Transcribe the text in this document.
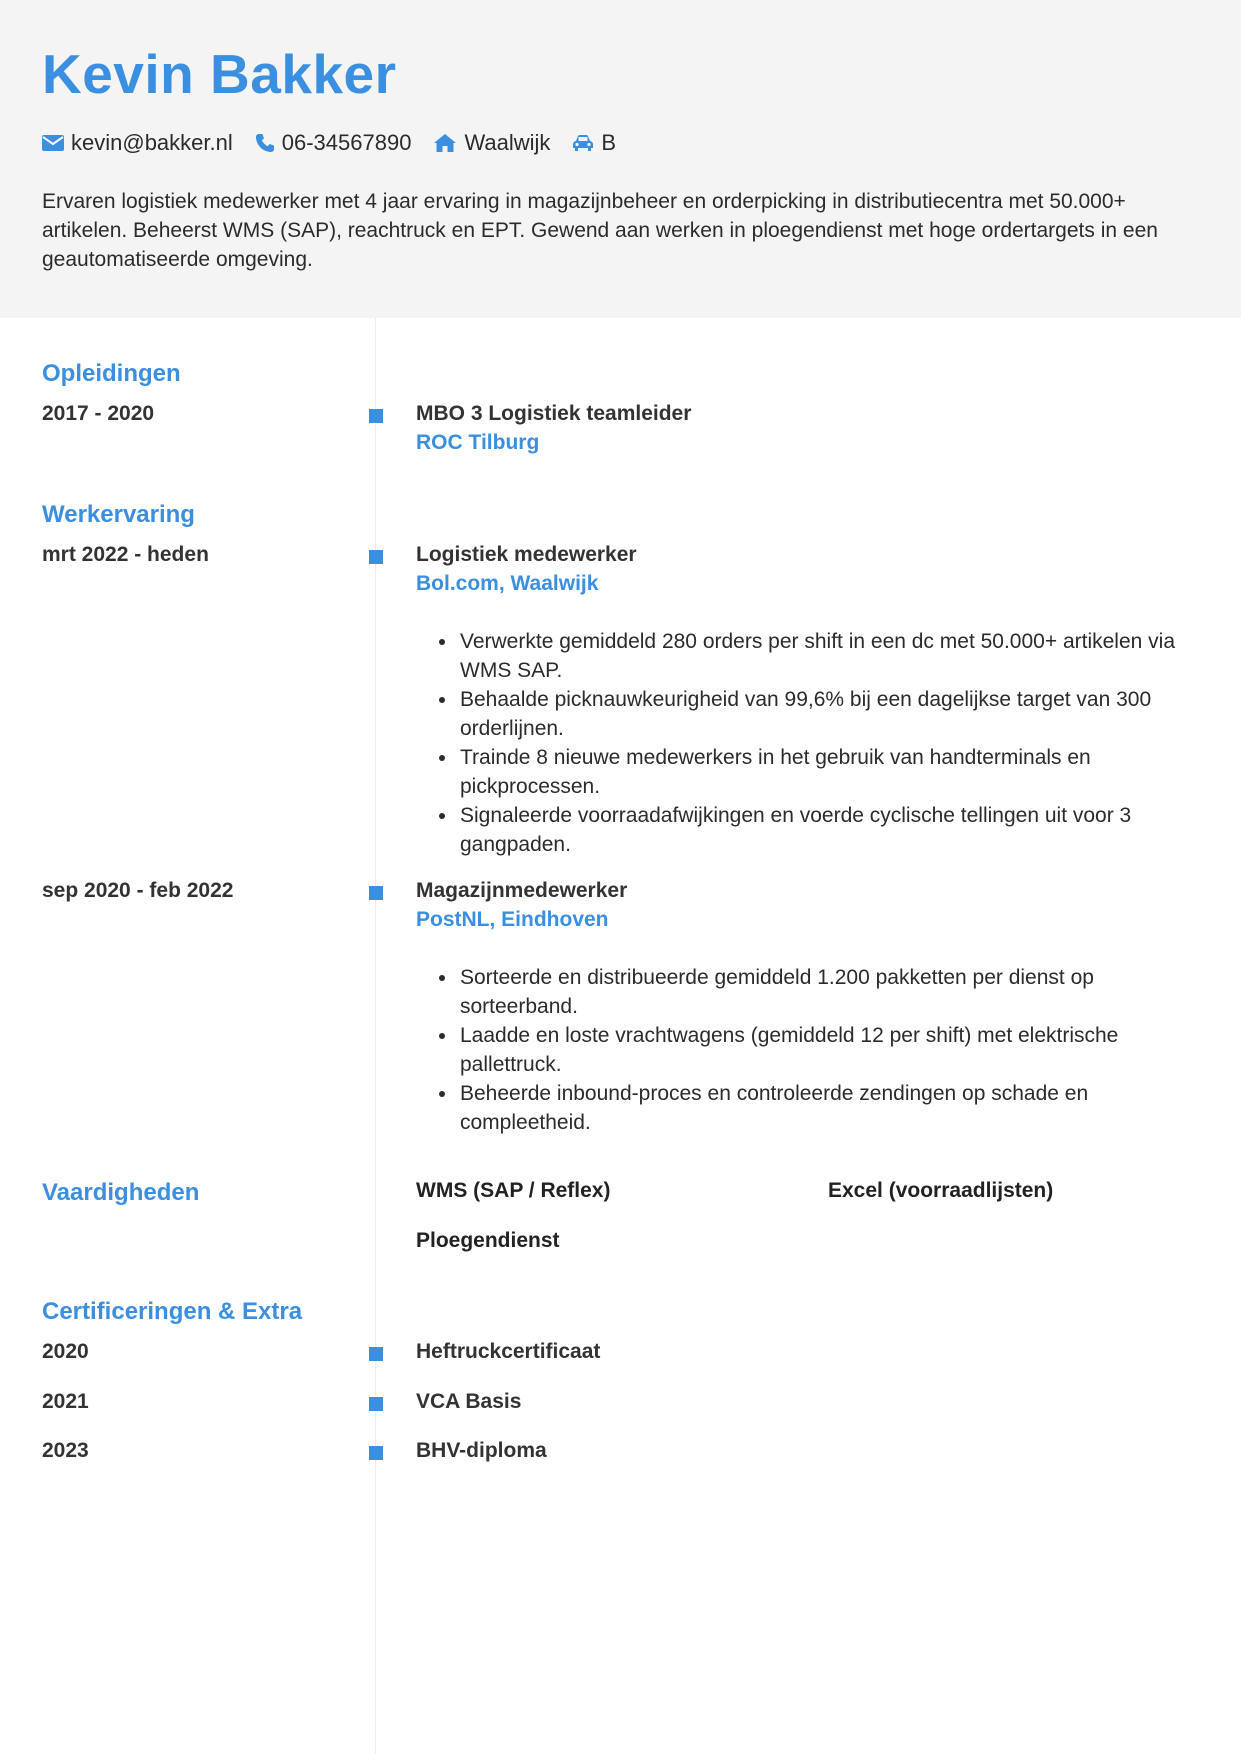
Kevin Bakker
kevin@bakker.nl 06-34567890 Waalwijk B
Ervaren logistiek medewerker met 4 jaar ervaring in magazijnbeheer en orderpicking in distributiecentra met 50.000+ artikelen. Beheerst WMS (SAP), reachtruck en EPT. Gewend aan werken in ploegendienst met hoge ordertargets in een geautomatiseerde omgeving.
Opleidingen
2017 - 2020	MBO 3 Logistiek teamleider
ROC Tilburg
Werkervaring
mrt 2022 - heden	Logistiek medewerker
Bol.com, Waalwijk
• Verwerkte gemiddeld 280 orders per shift in een dc met 50.000+ artikelen via WMS SAP.
• Behaalde picknauwkeurigheid van 99,6% bij een dagelijkse target van 300 orderlijnen.
• Trainde 8 nieuwe medewerkers in het gebruik van handterminals en pickprocessen.
• Signaleerde voorraadafwijkingen en voerde cyclische tellingen uit voor 3 gangpaden.
sep 2020 - feb 2022	Magazijnmedewerker
PostNL, Eindhoven
• Sorteerde en distribueerde gemiddeld 1.200 pakketten per dienst op sorteerband.
• Laadde en loste vrachtwagens (gemiddeld 12 per shift) met elektrische pallettruck.
• Beheerde inbound-proces en controleerde zendingen op schade en compleetheid.
Vaardigheden	WMS (SAP / Reflex)	Excel (voorraadlijsten)
Ploegendienst
Certificeringen & Extra
2020	Heftruckcertificaat
2021	VCA Basis
2023	BHV-diploma
